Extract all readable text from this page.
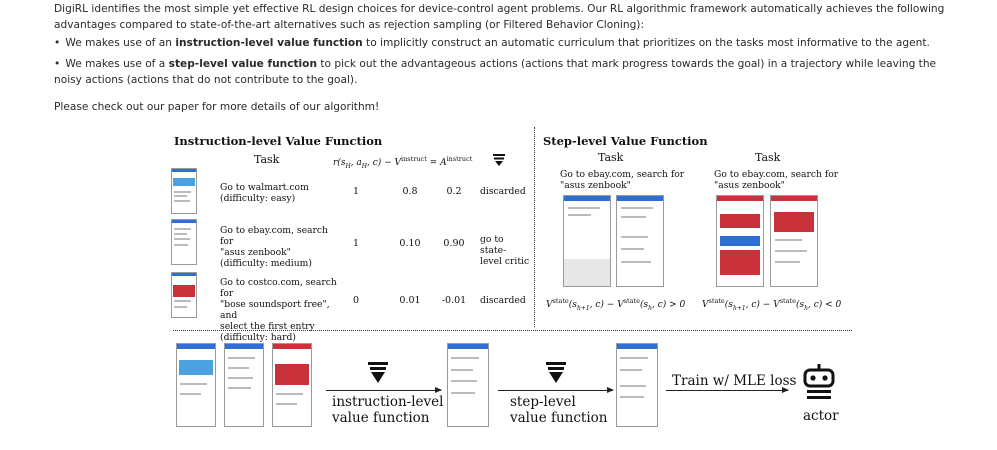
DigiRL identifies the most simple yet effective RL design choices for device-control agent problems. Our RL algorithmic framework automatically achieves the following advantages compared to state-of-the-art alternatives such as rejection sampling (or Filtered Behavior Cloning):

• We makes use of an instruction-level value function to implicitly construct an automatic curriculum that prioritizes on the tasks most informative to the agent.
• We makes use of a step-level value function to pick out the advantageous actions (actions that mark progress towards the goal) in a trajectory while leaving the noisy actions (actions that do not contribute to the goal).
Please check out our paper for more details of our algorithm!
Instruction-level Value Function
Task	$r(s_H$, $a_H$, $c) - V^{instruct} = A^{instruct}$
Go to walmart.com
(difficulty: easy)
1	0.8	0.2	discarded
Go to ebay.com, search for
"asus zenbook"
(difficulty: medium)
1	0.10	0.90	go to state-
level critic
Go to costco.com, search for
"bose soundsport free", and
select the first entry
(difficulty: hard)
0	0.01	-0.01 discarded
Step-level Value Function
Task	Task
Go to ebay.com, search for
"asus zenbook"
Go to ebay.com, search for
"asus zenbook"
$V^{state}(s_{h+1}$, $c) - V^{state}(s_h$, c) > 0 $V^{state}(s_{h+1}$, $c) - V^{state}(s_h$, c) < 0
instruction-level
value function
step-level
value function
Train w/ MLE loss
actor
